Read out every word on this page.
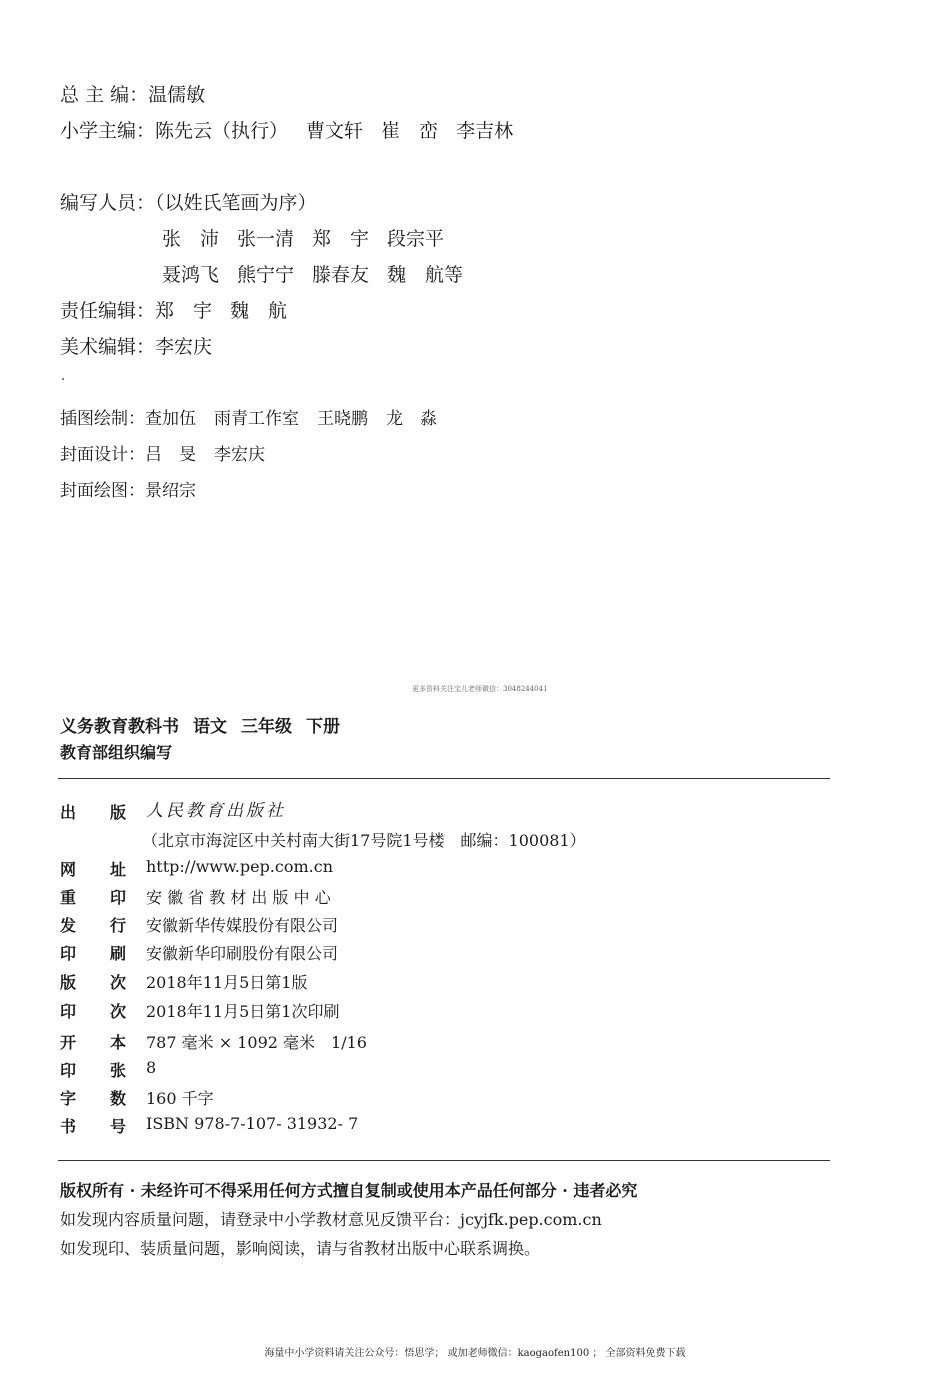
总 主 编：温儒敏
小学主编：陈先云（执行） 曹文轩 崔　峦 李吉林
编写人员：（以姓氏笔画为序）
张　沛 张一清 郑　宇 段宗平
聂鸿飞 熊宁宁 滕春友 魏　航等
责任编辑：郑　宇 魏　航
美术编辑：李宏庆
插图绘制：查加伍 雨青工作室 王晓鹏 龙　淼
封面设计：吕　旻 李宏庆
封面绘图：景绍宗
更多资料关注宝儿老师微信：3048244041
义务教育教科书 语文 三年级 下册
教育部组织编写
出 版 人民教育出版社
（北京市海淀区中关村南大街17号院1号楼　邮编：100081）
网 址 http://www.pep.com.cn
重 印 安 徽 省 教 材 出 版 中 心
发 行 安徽新华传媒股份有限公司
印 刷 安徽新华印刷股份有限公司
版 次 2018年11月5日第1版
印 次 2018年11月5日第1次印刷
开 本 787 毫米 × 1092 毫米　1/16
印 张 8
字 数 160 千字
书 号 ISBN 978-7-107- 31932- 7
版权所有 · 未经许可不得采用任何方式擅自复制或使用本产品任何部分 · 违者必究
如发现内容质量问题，请登录中小学教材意见反馈平台：jcyjfk.pep.com.cn
如发现印、装质量问题，影响阅读，请与省教材出版中心联系调换。
海量中小学资料请关注公众号：悟思学； 或加老师微信：kaogaofen100 ； 全部资料免费下载
